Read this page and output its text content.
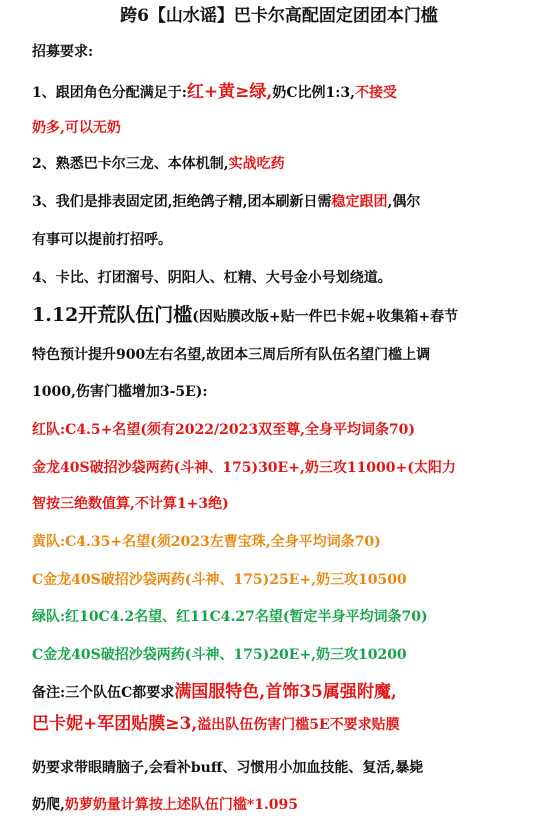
跨6【山水谣】巴卡尔高配固定团团本门槛
招募要求:
1、跟团角色分配满足于:红+黄≥绿,奶C比例1:3,不接受
奶多,可以无奶
2、熟悉巴卡尔三龙、本体机制,实战吃药
3、我们是排表固定团,拒绝鸽子精,团本刷新日需稳定跟团,偶尔
有事可以提前打招呼。
4、卡比、打团溜号、阴阳人、杠精、大号金小号划绕道。
1.12开荒队伍门槛(因贴膜改版+贴一件巴卡妮+收集箱+春节
特色预计提升900左右名望,故团本三周后所有队伍名望门槛上调
1000,伤害门槛增加3-5E):
红队:C4.5+名望(须有2022/2023双至尊,全身平均词条70)
金龙40S破招沙袋两药(斗神、175)30E+,奶三攻11000+(太阳力
智按三绝数值算,不计算1+3绝)
黄队:C4.35+名望(须2023左曹宝珠,全身平均词条70)
C金龙40S破招沙袋两药(斗神、175)25E+,奶三攻10500
绿队:红10C4.2名望、红11C4.27名望(暂定半身平均词条70)
C金龙40S破招沙袋两药(斗神、175)20E+,奶三攻10200
备注:三个队伍C都要求满国服特色,首饰35属强附魔,
巴卡妮+军团贴膜≥3,溢出队伍伤害门槛5E不要求贴膜
奶要求带眼睛脑子,会看补buff、习惯用小加血技能、复活,暴毙
奶爬,奶萝奶量计算按上述队伍门槛*1.095
